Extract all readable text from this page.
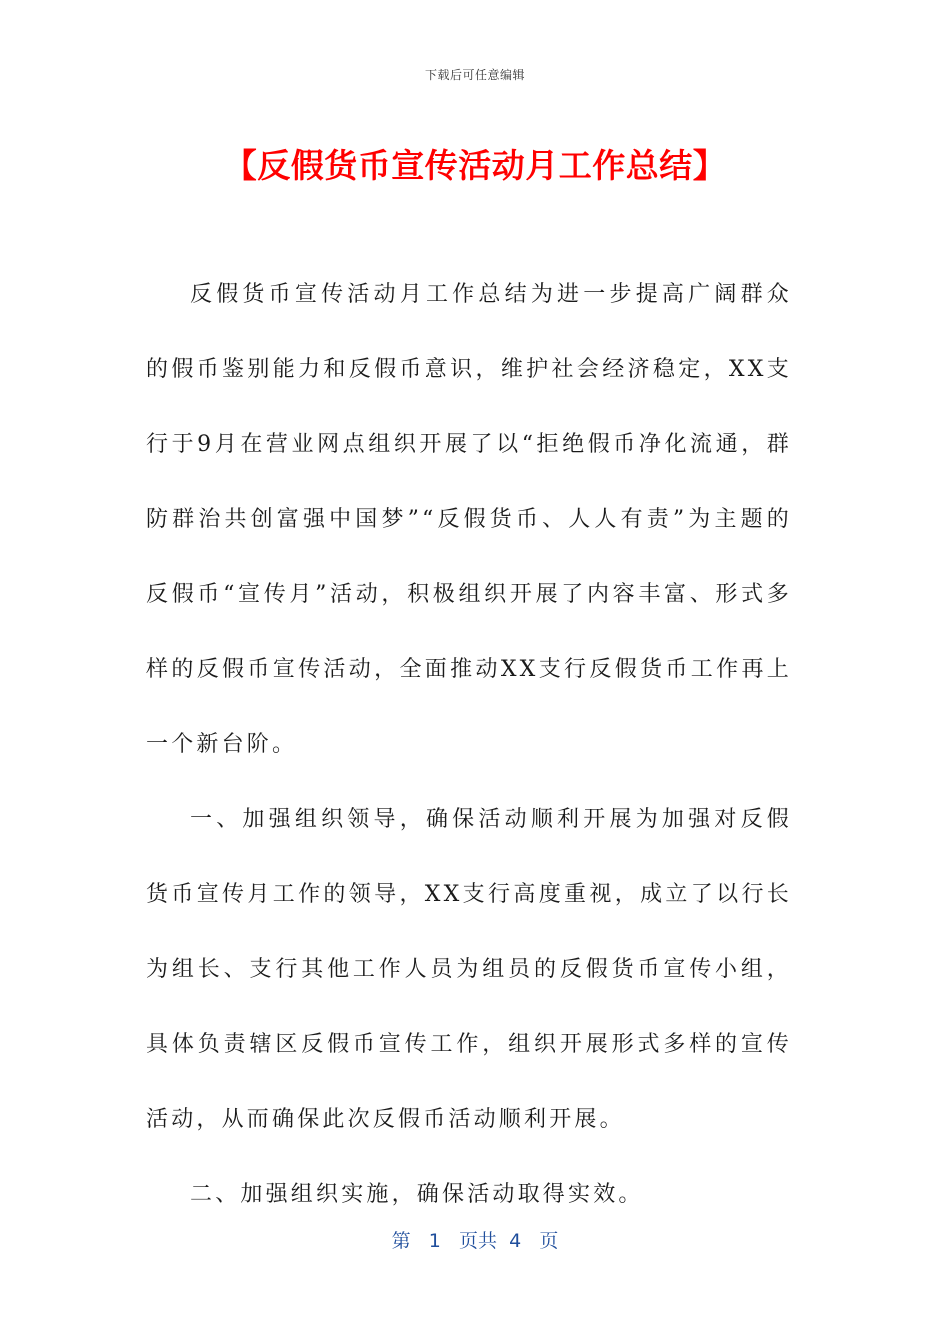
下载后可任意编辑
【反假货币宣传活动月工作总结】

反假货币宣传活动月工作总结为进一步提高广阔群众的假币鉴别能力和反假币意识，维护社会经济稳定，XX支行于9月在营业网点组织开展了以“拒绝假币净化流通，群防群治共创富强中国梦”“反假货币、人人有责”为主题的反假币“宣传月”活动，积极组织开展了内容丰富、形式多样的反假币宣传活动，全面推动XX支行反假货币工作再上一个新台阶。

一、加强组织领导，确保活动顺利开展为加强对反假货币宣传月工作的领导，XX支行高度重视，成立了以行长为组长、支行其他工作人员为组员的反假货币宣传小组，具体负责辖区反假币宣传工作，组织开展形式多样的宣传活动，从而确保此次反假币活动顺利开展。

二、加强组织实施，确保活动取得实效。

第 1 页共 4 页
